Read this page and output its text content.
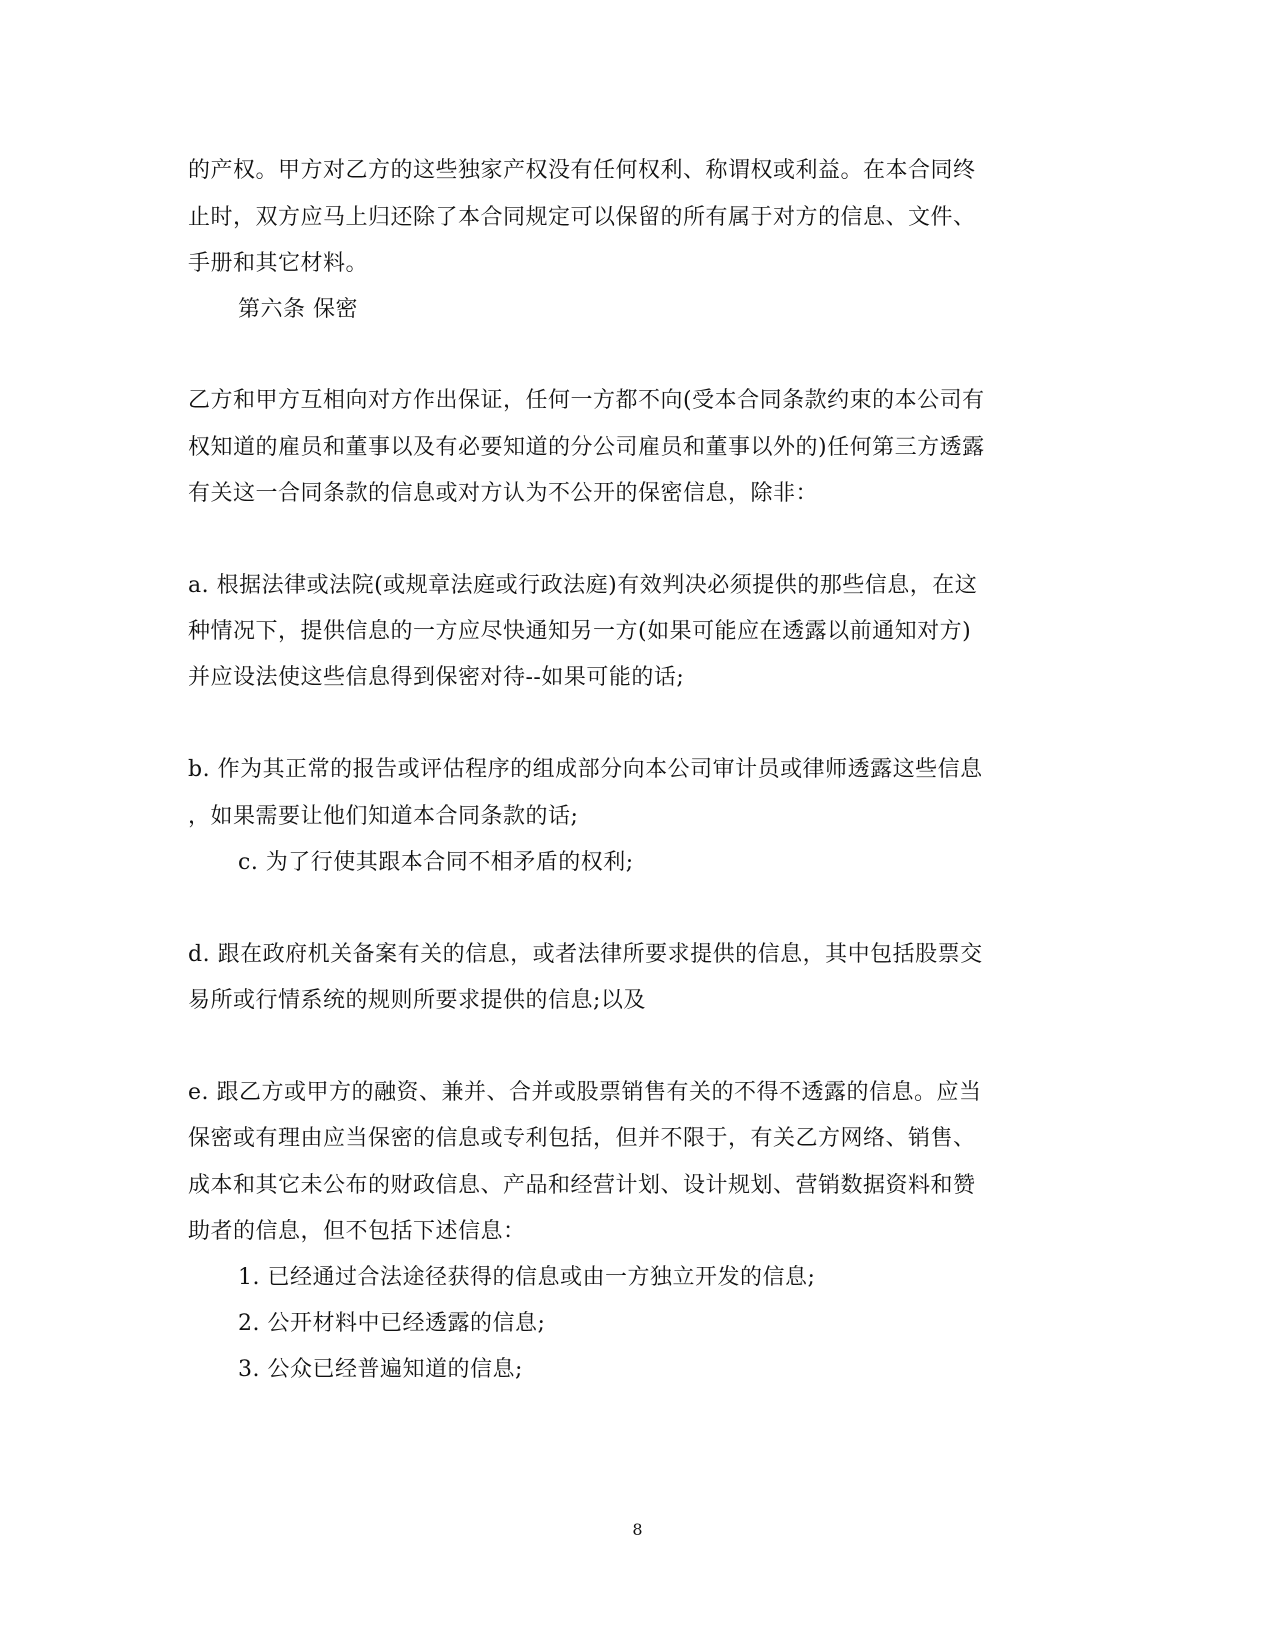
的产权。甲方对乙方的这些独家产权没有任何权利、称谓权或利益。在本合同终

止时，双方应马上归还除了本合同规定可以保留的所有属于对方的信息、文件、

手册和其它材料。

第六条 保密

乙方和甲方互相向对方作出保证，任何一方都不向(受本合同条款约束的本公司有

权知道的雇员和董事以及有必要知道的分公司雇员和董事以外的)任何第三方透露

有关这一合同条款的信息或对方认为不公开的保密信息，除非：

a. 根据法律或法院(或规章法庭或行政法庭)有效判决必须提供的那些信息，在这

种情况下，提供信息的一方应尽快通知另一方(如果可能应在透露以前通知对方)

并应设法使这些信息得到保密对待--如果可能的话;

b. 作为其正常的报告或评估程序的组成部分向本公司审计员或律师透露这些信息

，如果需要让他们知道本合同条款的话;

c. 为了行使其跟本合同不相矛盾的权利;

d. 跟在政府机关备案有关的信息，或者法律所要求提供的信息，其中包括股票交

易所或行情系统的规则所要求提供的信息;以及

e. 跟乙方或甲方的融资、兼并、合并或股票销售有关的不得不透露的信息。应当

保密或有理由应当保密的信息或专利包括，但并不限于，有关乙方网络、销售、

成本和其它未公布的财政信息、产品和经营计划、设计规划、营销数据资料和赞

助者的信息，但不包括下述信息：

1. 已经通过合法途径获得的信息或由一方独立开发的信息;

2. 公开材料中已经透露的信息;

3. 公众已经普遍知道的信息;

8
